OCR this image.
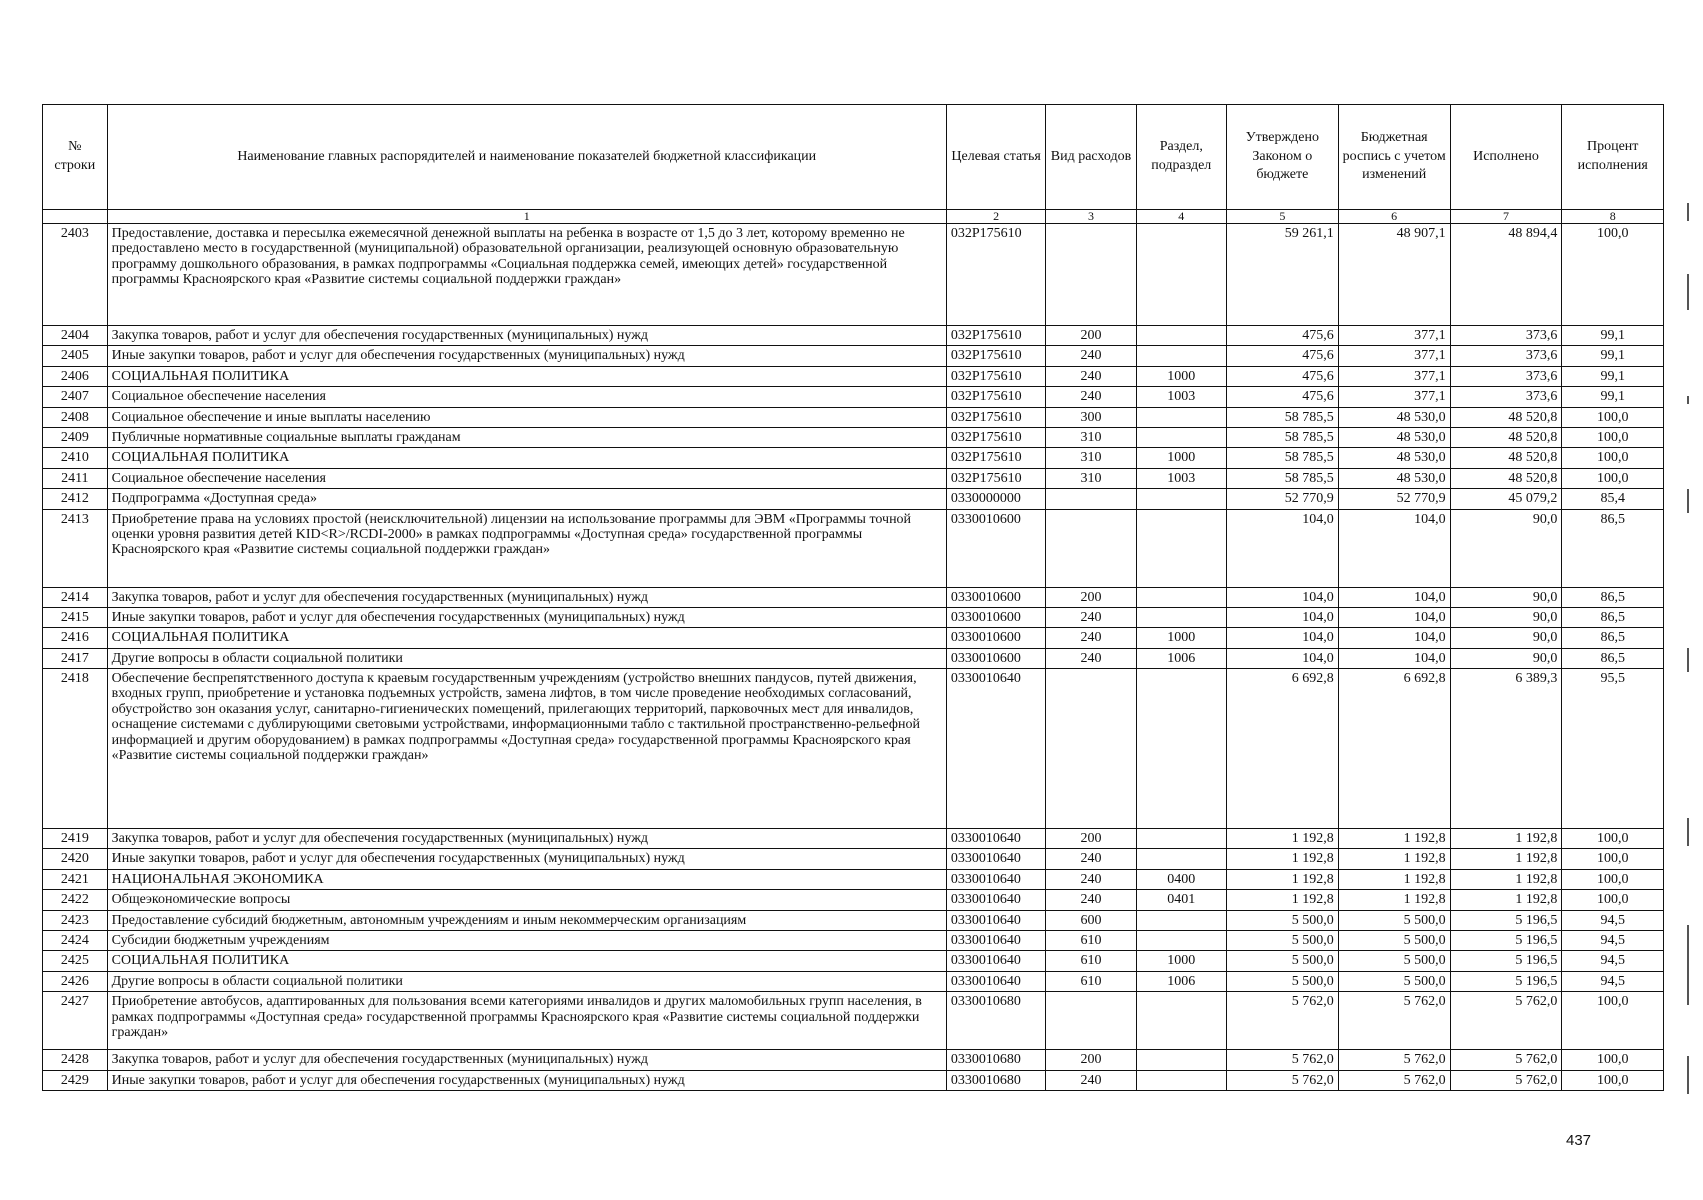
№ строки	Наименование главных распорядителей и наименование показателей бюджетной классификации	Целевая статья	Вид расходов	Раздел, подраздел	Утверждено Законом о бюджете	Бюджетная роспись с учетом изменений	Исполнено	Процент исполнения
	1	2	3	4	5	6	7	8
2403	Предоставление, доставка и пересылка ежемесячной денежной выплаты на ребенка в возрасте от 1,5 до 3 лет, которому временно не предоставлено место в государственной (муниципальной) образовательной организации, реализующей основную образовательную программу дошкольного образования, в рамках подпрограммы «Социальная поддержка семей, имеющих детей» государственной программы Красноярского края «Развитие системы социальной поддержки граждан»	032P175610			59 261,1	48 907,1	48 894,4	100,0
2404	Закупка товаров, работ и услуг для обеспечения государственных (муниципальных) нужд	032P175610	200		475,6	377,1	373,6	99,1
2405	Иные закупки товаров, работ и услуг для обеспечения государственных (муниципальных) нужд	032P175610	240		475,6	377,1	373,6	99,1
2406	СОЦИАЛЬНАЯ ПОЛИТИКА	032P175610	240	1000	475,6	377,1	373,6	99,1
2407	Социальное обеспечение населения	032P175610	240	1003	475,6	377,1	373,6	99,1
2408	Социальное обеспечение и иные выплаты населению	032P175610	300		58 785,5	48 530,0	48 520,8	100,0
2409	Публичные нормативные социальные выплаты гражданам	032P175610	310		58 785,5	48 530,0	48 520,8	100,0
2410	СОЦИАЛЬНАЯ ПОЛИТИКА	032P175610	310	1000	58 785,5	48 530,0	48 520,8	100,0
2411	Социальное обеспечение населения	032P175610	310	1003	58 785,5	48 530,0	48 520,8	100,0
2412	Подпрограмма «Доступная среда»	0330000000			52 770,9	52 770,9	45 079,2	85,4
2413	Приобретение права на условиях простой (неисключительной) лицензии на использование программы для ЭВМ «Программы точной оценки уровня развития детей KID<R>/RCDI-2000» в рамках подпрограммы «Доступная среда» государственной программы Красноярского края «Развитие системы социальной поддержки граждан»	0330010600			104,0	104,0	90,0	86,5
2414	Закупка товаров, работ и услуг для обеспечения государственных (муниципальных) нужд	0330010600	200		104,0	104,0	90,0	86,5
2415	Иные закупки товаров, работ и услуг для обеспечения государственных (муниципальных) нужд	0330010600	240		104,0	104,0	90,0	86,5
2416	СОЦИАЛЬНАЯ ПОЛИТИКА	0330010600	240	1000	104,0	104,0	90,0	86,5
2417	Другие вопросы в области социальной политики	0330010600	240	1006	104,0	104,0	90,0	86,5
2418	Обеспечение беспрепятственного доступа к краевым государственным учреждениям (устройство внешних пандусов, путей движения, входных групп, приобретение и установка подъемных устройств, замена лифтов, в том числе проведение необходимых согласований, обустройство зон оказания услуг, санитарно-гигиенических помещений, прилегающих территорий, парковочных мест для инвалидов, оснащение системами с дублирующими световыми устройствами, информационными табло с тактильной пространственно-рельефной информацией и другим оборудованием) в рамках подпрограммы «Доступная среда» государственной программы Красноярского края «Развитие системы социальной поддержки граждан»	0330010640			6 692,8	6 692,8	6 389,3	95,5
2419	Закупка товаров, работ и услуг для обеспечения государственных (муниципальных) нужд	0330010640	200		1 192,8	1 192,8	1 192,8	100,0
2420	Иные закупки товаров, работ и услуг для обеспечения государственных (муниципальных) нужд	0330010640	240		1 192,8	1 192,8	1 192,8	100,0
2421	НАЦИОНАЛЬНАЯ ЭКОНОМИКА	0330010640	240	0400	1 192,8	1 192,8	1 192,8	100,0
2422	Общеэкономические вопросы	0330010640	240	0401	1 192,8	1 192,8	1 192,8	100,0
2423	Предоставление субсидий бюджетным, автономным учреждениям и иным некоммерческим организациям	0330010640	600		5 500,0	5 500,0	5 196,5	94,5
2424	Субсидии бюджетным учреждениям	0330010640	610		5 500,0	5 500,0	5 196,5	94,5
2425	СОЦИАЛЬНАЯ ПОЛИТИКА	0330010640	610	1000	5 500,0	5 500,0	5 196,5	94,5
2426	Другие вопросы в области социальной политики	0330010640	610	1006	5 500,0	5 500,0	5 196,5	94,5
2427	Приобретение автобусов, адаптированных для пользования всеми категориями инвалидов и других маломобильных групп населения, в рамках подпрограммы «Доступная среда» государственной программы Красноярского края «Развитие системы социальной поддержки граждан»	0330010680			5 762,0	5 762,0	5 762,0	100,0
2428	Закупка товаров, работ и услуг для обеспечения государственных (муниципальных) нужд	0330010680	200		5 762,0	5 762,0	5 762,0	100,0
2429	Иные закупки товаров, работ и услуг для обеспечения государственных (муниципальных) нужд	0330010680	240		5 762,0	5 762,0	5 762,0	100,0
437
